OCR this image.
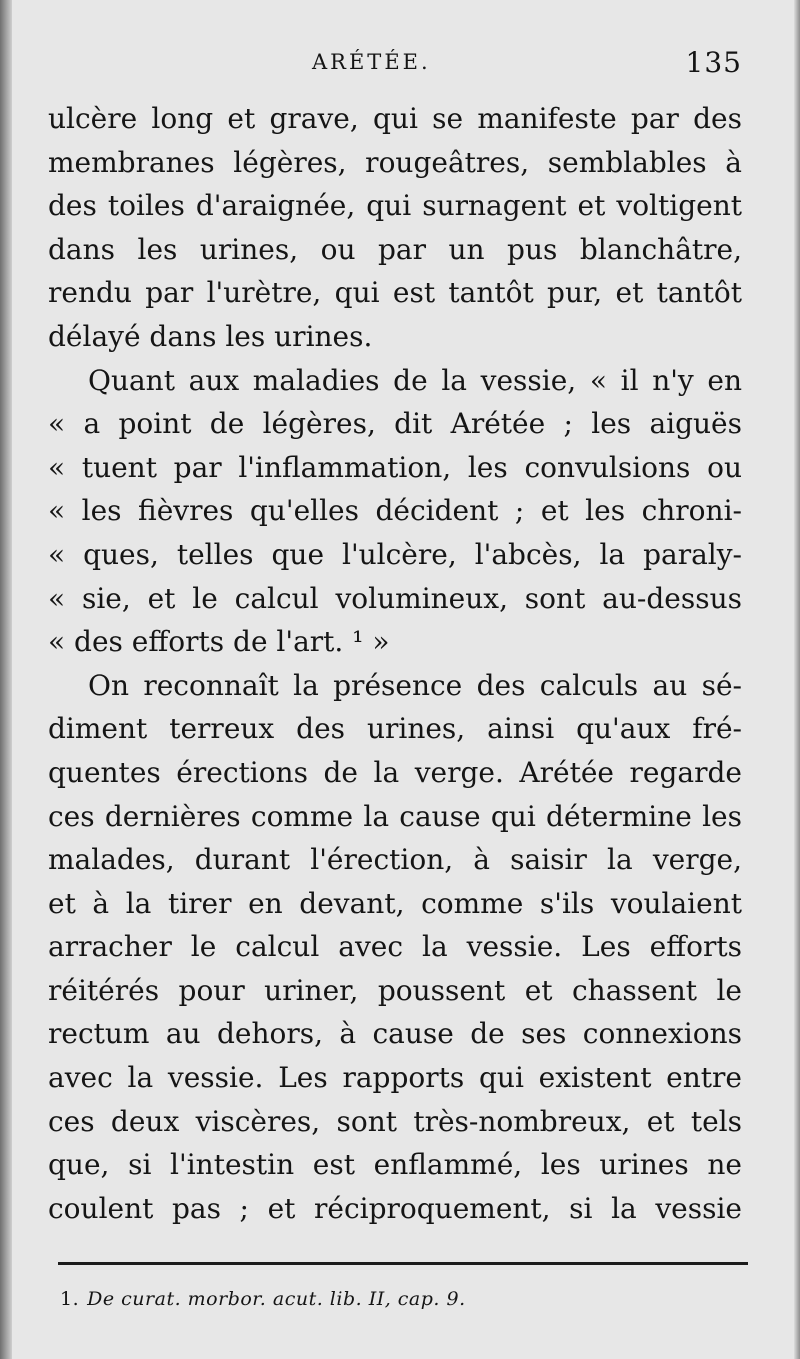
ARÉTÉE.	135
ulcère long et grave, qui se manifeste par des
membranes légères, rougeâtres, semblables à
des toiles d'araignée, qui surnagent et voltigent
dans les urines, ou par un pus blanchâtre,
rendu par l'urètre, qui est tantôt pur, et tantôt
délayé dans les urines.
Quant aux maladies de la vessie, « il n'y en
« a point de légères, dit Arétée ; les aiguës
« tuent par l'inflammation, les convulsions ou
« les fièvres qu'elles décident ; et les chroni-
« ques, telles que l'ulcère, l'abcès, la paraly-
« sie, et le calcul volumineux, sont au-dessus
« des efforts de l'art. ¹ »
On reconnaît la présence des calculs au sé-
diment terreux des urines, ainsi qu'aux fré-
quentes érections de la verge. Arétée regarde
ces dernières comme la cause qui détermine les
malades, durant l'érection, à saisir la verge,
et à la tirer en devant, comme s'ils voulaient
arracher le calcul avec la vessie. Les efforts
réitérés pour uriner, poussent et chassent le
rectum au dehors, à cause de ses connexions
avec la vessie. Les rapports qui existent entre
ces deux viscères, sont très-nombreux, et tels
que, si l'intestin est enflammé, les urines ne
coulent pas ; et réciproquement, si la vessie
1. De curat. morbor. acut. lib. II, cap. 9.
